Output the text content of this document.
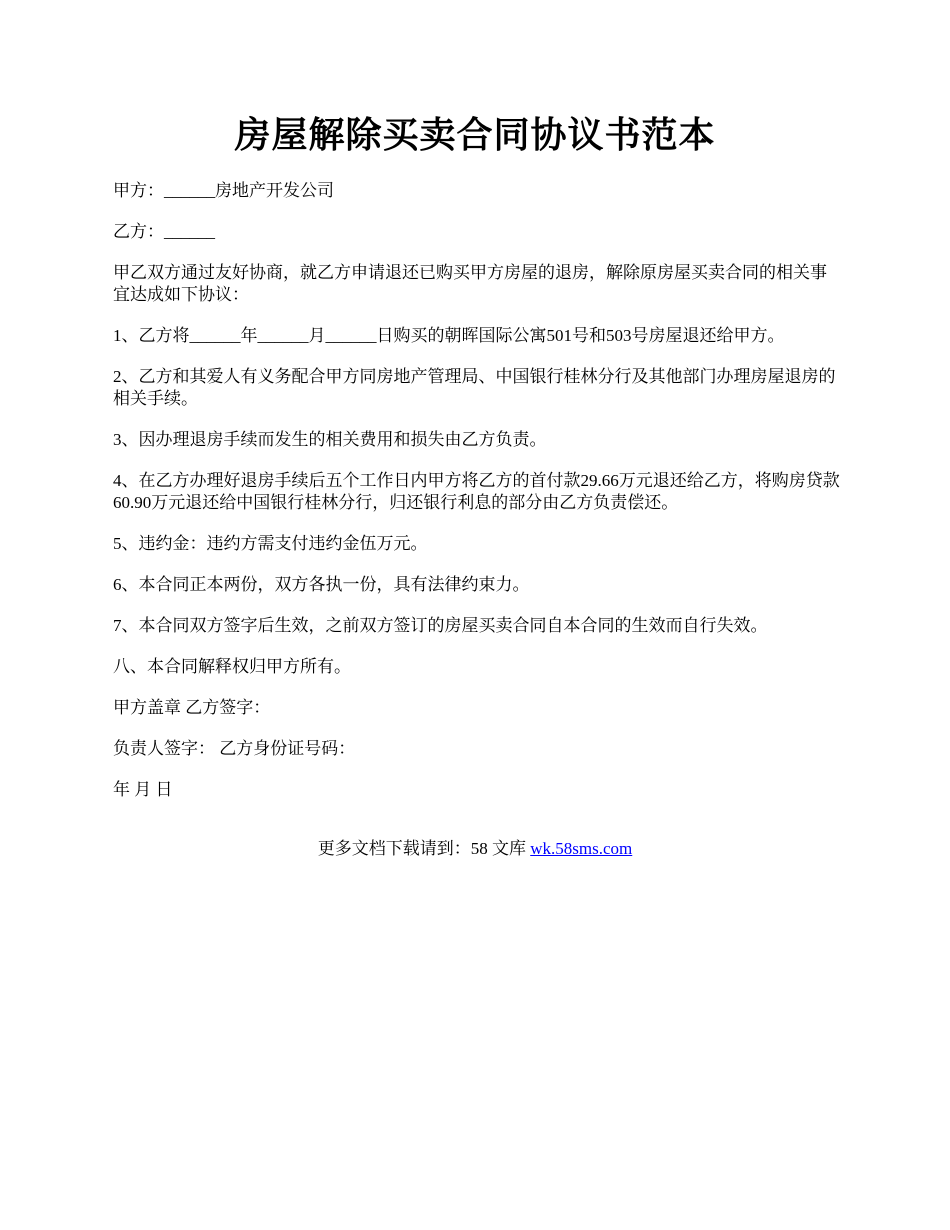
房屋解除买卖合同协议书范本

甲方：______房地产开发公司

乙方：______

甲乙双方通过友好协商，就乙方申请退还已购买甲方房屋的退房，解除原房屋买卖合同的相关事宜达成如下协议：

1、乙方将______年______月______日购买的朝晖国际公寓501号和503号房屋退还给甲方。

2、乙方和其爱人有义务配合甲方同房地产管理局、中国银行桂林分行及其他部门办理房屋退房的相关手续。

3、因办理退房手续而发生的相关费用和损失由乙方负责。

4、在乙方办理好退房手续后五个工作日内甲方将乙方的首付款29.66万元退还给乙方，将购房贷款60.90万元退还给中国银行桂林分行，归还银行利息的部分由乙方负责偿还。

5、违约金：违约方需支付违约金伍万元。

6、本合同正本两份，双方各执一份，具有法律约束力。

7、本合同双方签字后生效，之前双方签订的房屋买卖合同自本合同的生效而自行失效。

八、本合同解释权归甲方所有。

甲方盖章 乙方签字：

负责人签字： 乙方身份证号码：

年 月 日

更多文档下载请到：58 文库 wk.58sms.com
